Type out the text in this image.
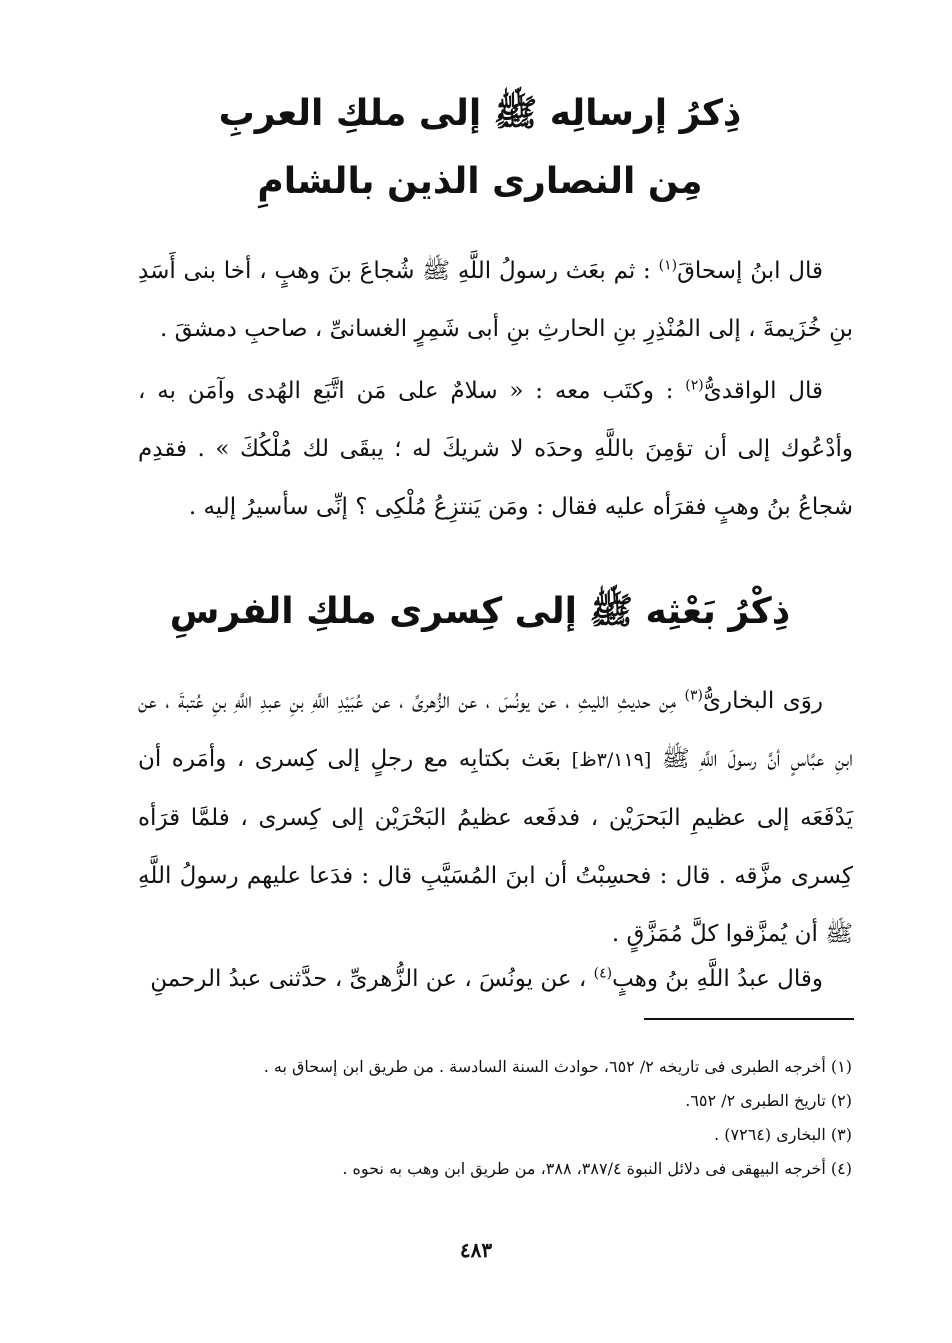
ذِكرُ إرسالِه ﷺ إلى ملكِ العربِ
مِن النصارى الذين بالشامِ

قال ابنُ إسحاقَ$^{(١)}$ : ثم بعَث رسولُ اللَّهِ ﷺ شُجاعَ بنَ وهبٍ ، أخا بنى أَسَدِ بنِ خُزَيمةَ ، إلى المُنْذِرِ بنِ الحارثِ بنِ أبى شَمِرٍ الغسانىِّ ، صاحبِ دمشقَ .

قال الواقدىُّ$^{(٢)}$ : وكتَب معه : « سلامٌ على مَن اتَّبَع الهُدى وآمَن به ، وأدْعُوك إلى أن تؤمِنَ باللَّهِ وحدَه لا شريكَ له ؛ يبقَى لك مُلْكُكَ » . فقدِم شجاعُ بنُ وهبٍ فقرَأه عليه فقال : ومَن يَنتزِعُ مُلْكِى ؟ إنِّى سأسيرُ إليه .

ذِكْرُ بَعْثِه ﷺ إلى كِسرى ملكِ الفرسِ

روَى البخارىُّ$^{(٣)}$ مِن حديثِ الليثِ ، عن يونُسَ ، عن الزُّهرىِّ ، عن عُبَيْدِ اللَّهِ بنِ عبدِ اللَّهِ بنِ عُتبةَ ، عن ابنِ عبَّاسٍ أنَّ رسولَ اللَّهِ ﷺ [٣/١١٩ظ] بعَث بكتابِه مع رجلٍ إلى كِسرى ، وأمَره أن يَدْفَعَه إلى عظيمِ البَحرَيْن ، فدفَعه عظيمُ البَحْرَيْن إلى كِسرى ، فلمَّا قرَأه كِسرى مزَّقه . قال : فحسِبْتُ أن ابنَ المُسَيَّبِ قال : فدَعا عليهم رسولُ اللَّهِ ﷺ أن يُمزَّقوا كلَّ مُمَزَّقٍ .

وقال عبدُ اللَّهِ بنُ وهبٍ$^{(٤)}$ ، عن يونُسَ ، عن الزُّهرىِّ ، حدَّثنى عبدُ الرحمنِ

(١) أخرجه الطبرى فى تاريخه ٢/ ٦٥٢، حوادث السنة السادسة . من طريق ابن إسحاق به .
(٢) تاريخ الطبرى ٢/ ٦٥٢.
(٣) البخارى (٧٢٦٤) .
(٤) أخرجه البيهقى فى دلائل النبوة ٣٨٧/٤، ٣٨٨، من طريق ابن وهب به نحوه .
٤٨٣
